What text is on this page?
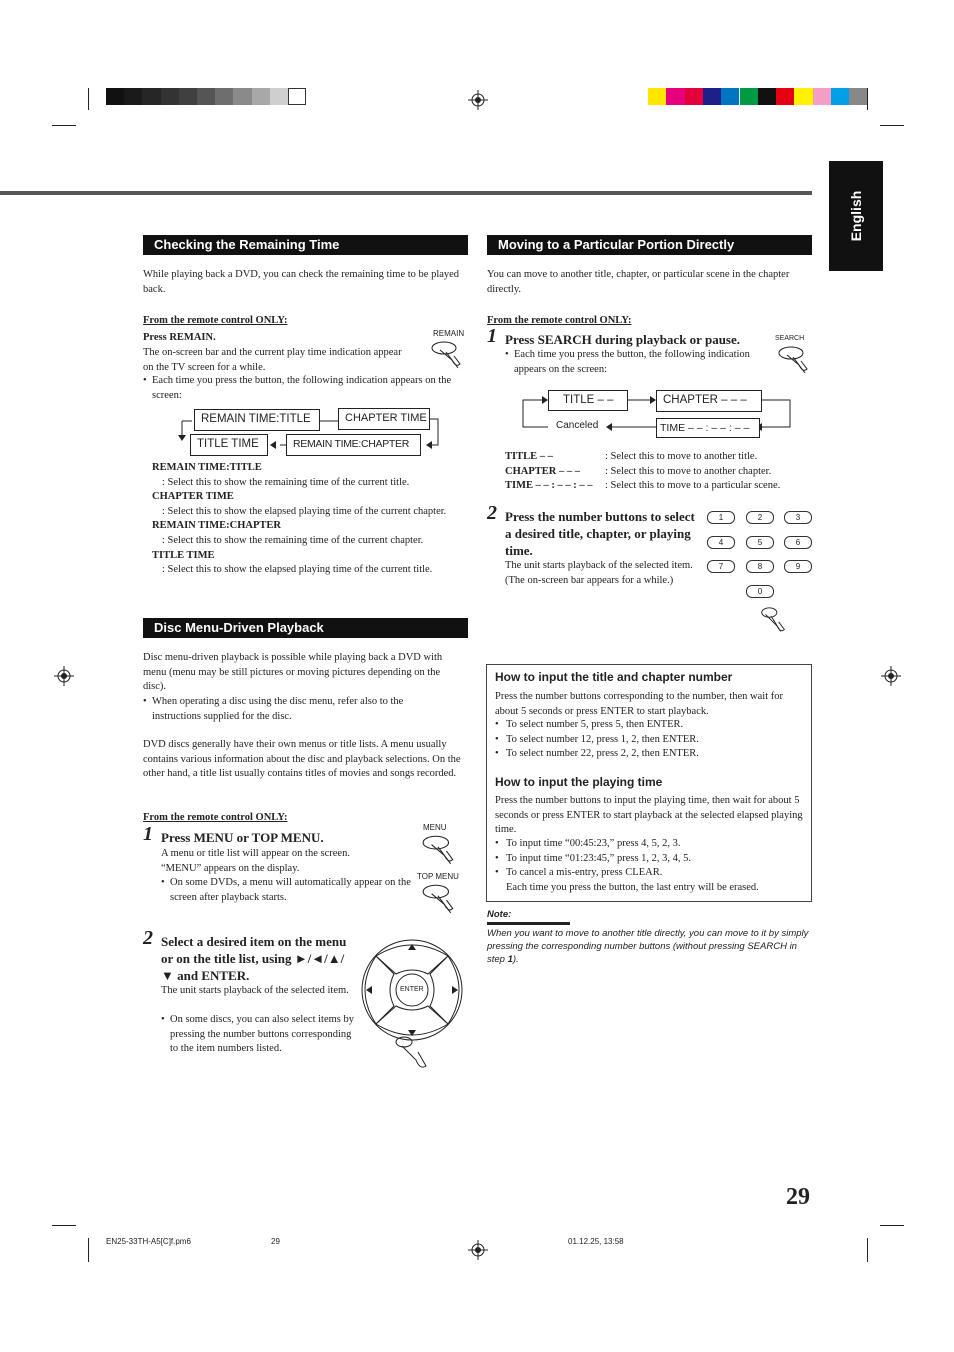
English
Checking the Remaining Time
While playing back a DVD, you can check the remaining time to be played back.
From the remote control ONLY:
Press REMAIN.
The on-screen bar and the current play time indication appear on the TV screen for a while.
• Each time you press the button, the following indication appears on the screen:
REMAIN
REMAIN TIME:TITLE	CHAPTER TIME
TITLE TIME	REMAIN TIME:CHAPTER
REMAIN TIME:TITLE
: Select this to show the remaining time of the current title.
CHAPTER TIME
: Select this to show the elapsed playing time of the current chapter.
REMAIN TIME:CHAPTER
: Select this to show the remaining time of the current chapter.
TITLE TIME
: Select this to show the elapsed playing time of the current title.
Disc Menu-Driven Playback
Disc menu-driven playback is possible while playing back a DVD with menu (menu may be still pictures or moving pictures depending on the disc).
• When operating a disc using the disc menu, refer also to the instructions supplied for the disc.
DVD discs generally have their own menus or title lists. A menu usually contains various information about the disc and playback selections. On the other hand, a title list usually contains titles of movies and songs recorded.
From the remote control ONLY:
1 Press MENU or TOP MENU.
A menu or title list will appear on the screen. “MENU” appears on the display.
• On some DVDs, a menu will automatically appear on the screen after playback starts.
MENU
TOP MENU
2 Select a desired item on the menu or on the title list, using ►/◄/▲/▼ and ENTER.
The unit starts playback of the selected item.
• On some discs, you can also select items by pressing the number buttons corresponding to the item numbers listed.
ENTER
Moving to a Particular Portion Directly
You can move to another title, chapter, or particular scene in the chapter directly.
From the remote control ONLY:
1 Press SEARCH during playback or pause.
• Each time you press the button, the following indication appears on the screen:
SEARCH
TITLE – –	CHAPTER – – –
Canceled	TIME – – : – – : – –
TITLE – –	: Select this to move to another title.
CHAPTER – – –	: Select this to move to another chapter.
TIME – – : – – : – –	: Select this to move to a particular scene.
2 Press the number buttons to select a desired title, chapter, or playing time.
The unit starts playback of the selected item. (The on-screen bar appears for a while.)
1	2	3
4	5	6
7	8	9
0
How to input the title and chapter number
Press the number buttons corresponding to the number, then wait for about 5 seconds or press ENTER to start playback.
• To select number 5, press 5, then ENTER.
• To select number 12, press 1, 2, then ENTER.
• To select number 22, press 2, 2, then ENTER.
How to input the playing time
Press the number buttons to input the playing time, then wait for about 5 seconds or press ENTER to start playback at the selected elapsed playing time.
• To input time “00:45:23,” press 4, 5, 2, 3.
• To input time “01:23:45,” press 1, 2, 3, 4, 5.
• To cancel a mis-entry, press CLEAR.
Each time you press the button, the last entry will be erased.
Note:
When you want to move to another title directly, you can move to it by simply pressing the corresponding number buttons (without pressing SEARCH in step 1).
29
EN25-33TH-A5[C]f.pm6	29	01.12.25, 13:58
